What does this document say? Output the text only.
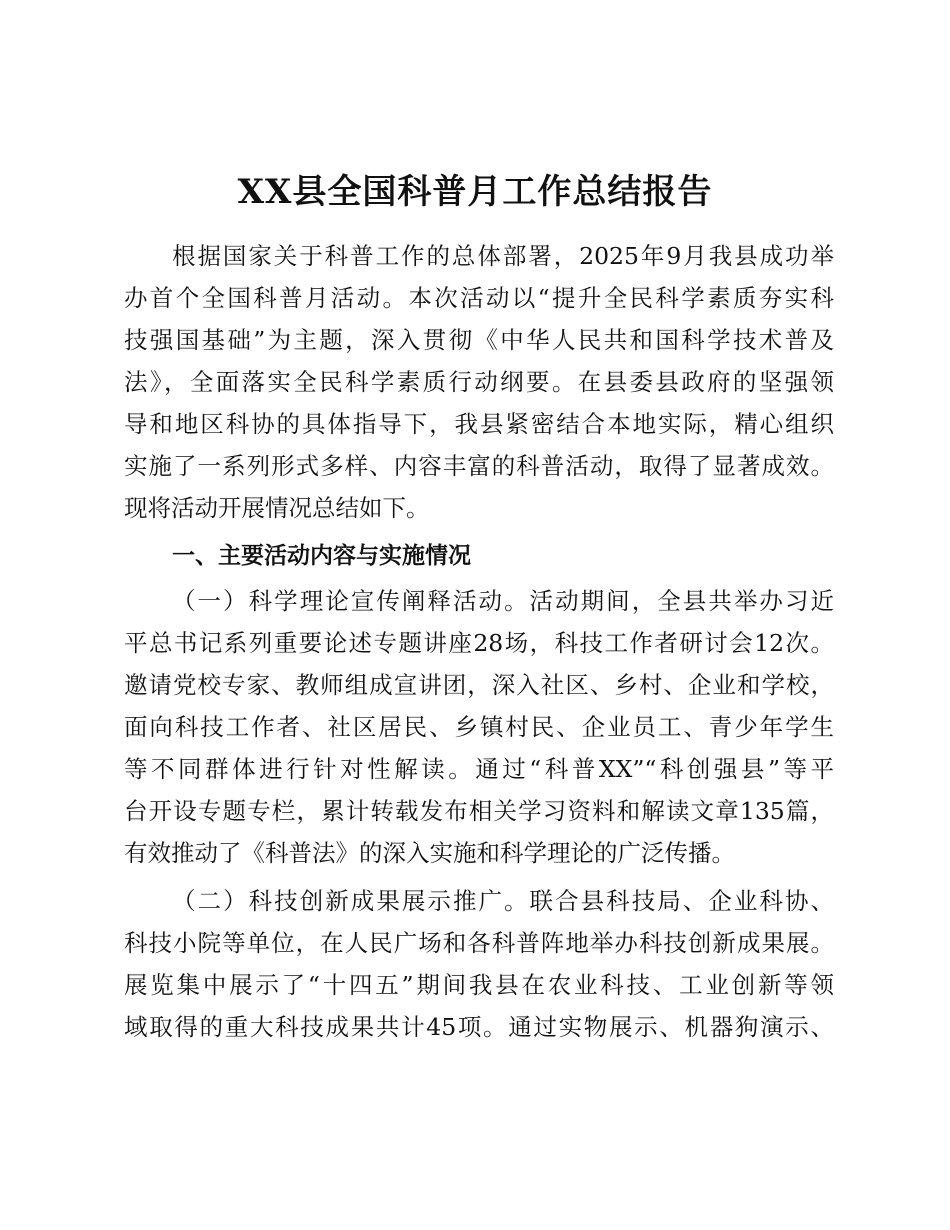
XX县全国科普月工作总结报告

根据国家关于科普工作的总体部署，2025年9月我县成功举

办首个全国科普月活动。本次活动以“提升全民科学素质夯实科

技强国基础”为主题，深入贯彻《中华人民共和国科学技术普及

法》，全面落实全民科学素质行动纲要。在县委县政府的坚强领

导和地区科协的具体指导下，我县紧密结合本地实际，精心组织

实施了一系列形式多样、内容丰富的科普活动，取得了显著成效。

现将活动开展情况总结如下。

一、主要活动内容与实施情况

（一）科学理论宣传阐释活动。活动期间，全县共举办习近

平总书记系列重要论述专题讲座28场，科技工作者研讨会12次。

邀请党校专家、教师组成宣讲团，深入社区、乡村、企业和学校，

面向科技工作者、社区居民、乡镇村民、企业员工、青少年学生

等不同群体进行针对性解读。通过“科普XX”“科创强县”等平

台开设专题专栏，累计转载发布相关学习资料和解读文章135篇，

有效推动了《科普法》的深入实施和科学理论的广泛传播。

（二）科技创新成果展示推广。联合县科技局、企业科协、

科技小院等单位，在人民广场和各科普阵地举办科技创新成果展。

展览集中展示了“十四五”期间我县在农业科技、工业创新等领

域取得的重大科技成果共计45项。通过实物展示、机器狗演示、
